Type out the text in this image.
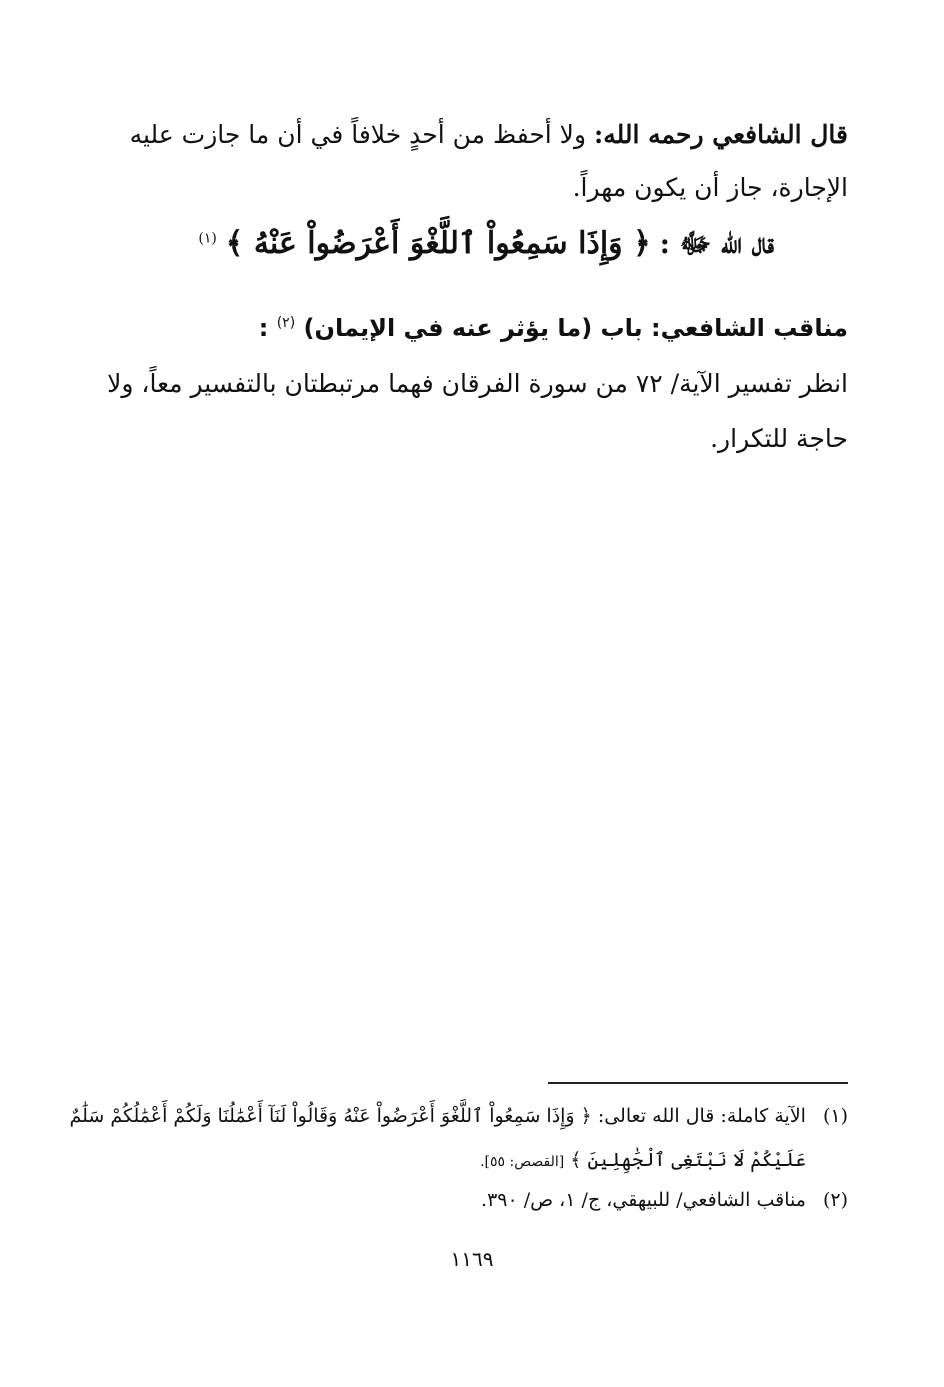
قال الشافعي رحمه الله: ولا أحفظ من أحدٍ خلافاً في أن ما جازت عليه
الإجارة، جاز أن يكون مهراً.
قال الله ﷻ : ﴿ وَإِذَا سَمِعُواْ ٱللَّغْوَ أَعْرَضُواْ عَنْهُ ﴾ $^{(١)}$
مناقب الشافعي: باب (ما يؤثر عنه في الإيمان) $^{(٢)}$ :
انظر تفسير الآية/ ٧٢ من سورة الفرقان فهما مرتبطتان بالتفسير معاً، ولا
حاجة للتكرار.
(١) الآية كاملة: قال الله تعالى: ﴿ وَإِذَا سَمِعُواْ ٱللَّغْوَ أَعْرَضُواْ عَنْهُ وَقَالُواْ لَنَآ أَعْمَٰلُنَا وَلَكُمْ أَعْمَٰلُكُمْ سَلَٰمٌ
عَلَيْكُمْ لَا نَبْتَغِى ٱلْجَٰهِلِينَ ﴾ [القصص: ٥٥].
(٢) مناقب الشافعي/ للبيهقي، ج/ ١، ص/ ٣٩٠.
١١٦٩
